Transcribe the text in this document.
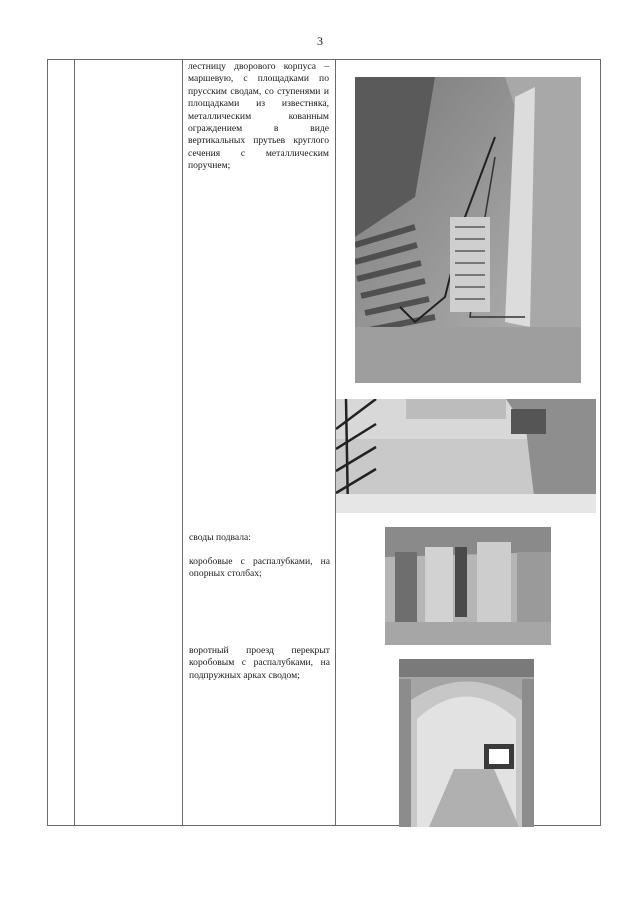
3
лестницу дворового корпуса – маршевую, с площадками по прусским сводам, со ступенями и площадками из известняка, металлическим кованным ограждением в виде вертикальных прутьев круглого сечения с металлическим поручнем;
своды подвала:
коробовые с распалубками, на опорных столбах;
воротный проезд перекрыт коробовым с распалубками, на подпружных арках сводом;
